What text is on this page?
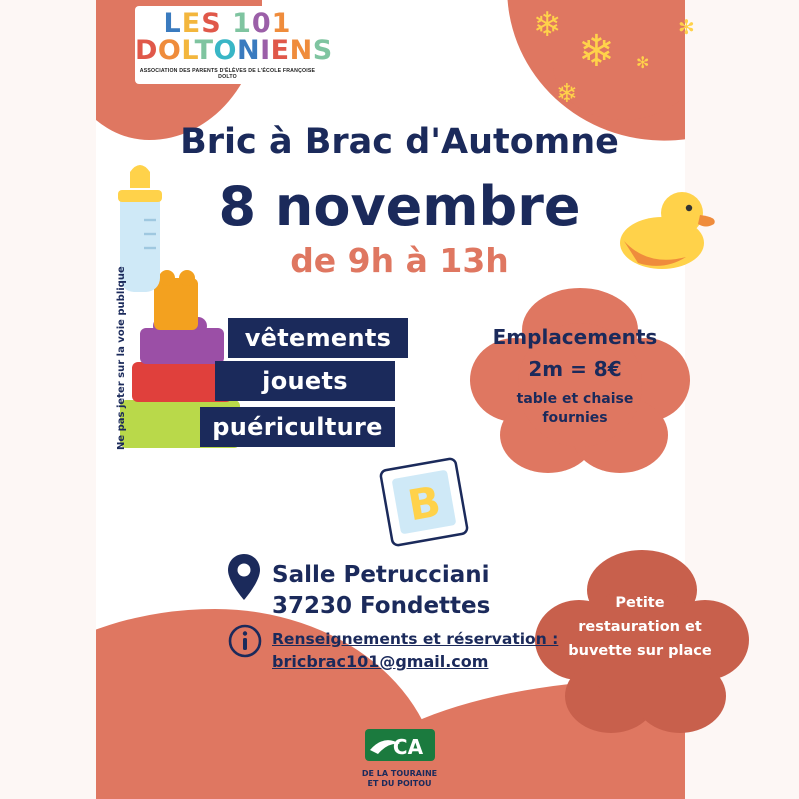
❄
❄
❄
✻
✻
LES 101
DOLTONIENS
ASSOCIATION DES PARENTS D'ÉLÈVES DE L'ÉCOLE FRANÇOISE DOLTO
Bric à Brac d'Automne
8 novembre
de 9h à 13h
vêtements
jouets
puériculture
B
Emplacements
2m = 8€
table et chaise
fournies
Petite
restauration et
buvette sur place
Salle Petrucciani
37230 Fondettes
Renseignements et réservation :
bricbrac101@gmail.com
Ne pas jeter sur la voie publique
CA
DE LA TOURAINE
ET DU POITOU
